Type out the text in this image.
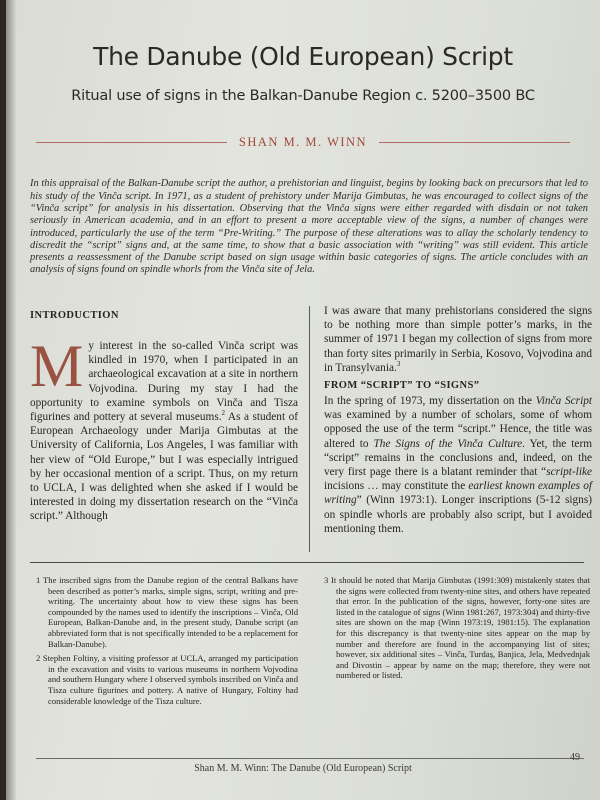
The Danube (Old European) Script
Ritual use of signs in the Balkan-Danube Region c. 5200–3500 BC
SHAN M. M. WINN

In this appraisal of the Balkan-Danube script the author, a prehistorian and linguist, begins by looking back on precursors that led to his study of the Vinča script. In 1971, as a student of prehistory under Marija Gimbutas, he was encouraged to collect signs of the “Vinča script” for analysis in his dissertation. Observing that the Vinča signs were either regarded with disdain or not taken seriously in American academia, and in an effort to present a more acceptable view of the signs, a number of changes were introduced, particularly the use of the term “Pre-Writing.” The purpose of these alterations was to allay the scholarly tendency to discredit the “script” signs and, at the same time, to show that a basic association with “writing” was still evident. This article presents a reassessment of the Danube script based on sign usage within basic categories of signs. The article concludes with an analysis of signs found on spindle whorls from the Vinča site of Jela.

INTRODUCTION

My interest in the so-called Vinča script was kindled in 1970, when I participated in an archaeological excavation at a site in northern Vojvodina. During my stay I had the opportunity to examine symbols on Vinča and Tisza figurines and pottery at several museums.$^2$ As a student of European Archaeology under Marija Gimbutas at the University of California, Los Angeles, I was familiar with her view of “Old Europe,” but I was especially intrigued by her occasional mention of a script. Thus, on my return to UCLA, I was delighted when she asked if I would be interested in doing my dissertation research on the “Vinča script.” Although

I was aware that many prehistorians considered the signs to be nothing more than simple potter’s marks, in the summer of 1971 I began my collection of signs from more than forty sites primarily in Serbia, Kosovo, Vojvodina and in Transylvania.$^3$

FROM “SCRIPT” TO “SIGNS”

In the spring of 1973, my dissertation on the Vinča Script was examined by a number of scholars, some of whom opposed the use of the term “script.” Hence, the title was altered to The Signs of the Vinča Culture. Yet, the term “script” remains in the conclusions and, indeed, on the very first page there is a blatant reminder that “script-like incisions … may constitute the earliest known examples of writing” (Winn 1973:1). Longer inscriptions (5-12 signs) on spindle whorls are probably also script, but I avoided mentioning them.

1 The inscribed signs from the Danube region of the central Balkans have been described as potter’s marks, simple signs, script, writing and pre-writing. The uncertainty about how to view these signs has been compounded by the names used to identify the inscriptions – Vinča, Old European, Balkan-Danube and, in the present study, Danube script (an abbreviated form that is not specifically intended to be a replacement for Balkan-Danube).

2 Stephen Foltiny, a visiting professor at UCLA, arranged my participation in the excavation and visits to various museums in northern Vojvodina and southern Hungary where I observed symbols inscribed on Vinča and Tisza culture figurines and pottery. A native of Hungary, Foltiny had considerable knowledge of the Tisza culture.

3 It should be noted that Marija Gimbutas (1991:309) mistakenly states that the signs were collected from twenty-nine sites, and others have repeated that error. In the publication of the signs, however, forty-one sites are listed in the catalogue of signs (Winn 1981:267, 1973:304) and thirty-five sites are shown on the map (Winn 1973:19, 1981:15). The explanation for this discrepancy is that twenty-nine sites appear on the map by number and therefore are found in the accompanying list of sites; however, six additional sites – Vinča, Turdaș, Banjica, Jela, Medvednjak and Divostin – appear by name on the map; therefore, they were not numbered or listed.

49
Shan M. M. Winn: The Danube (Old European) Script
